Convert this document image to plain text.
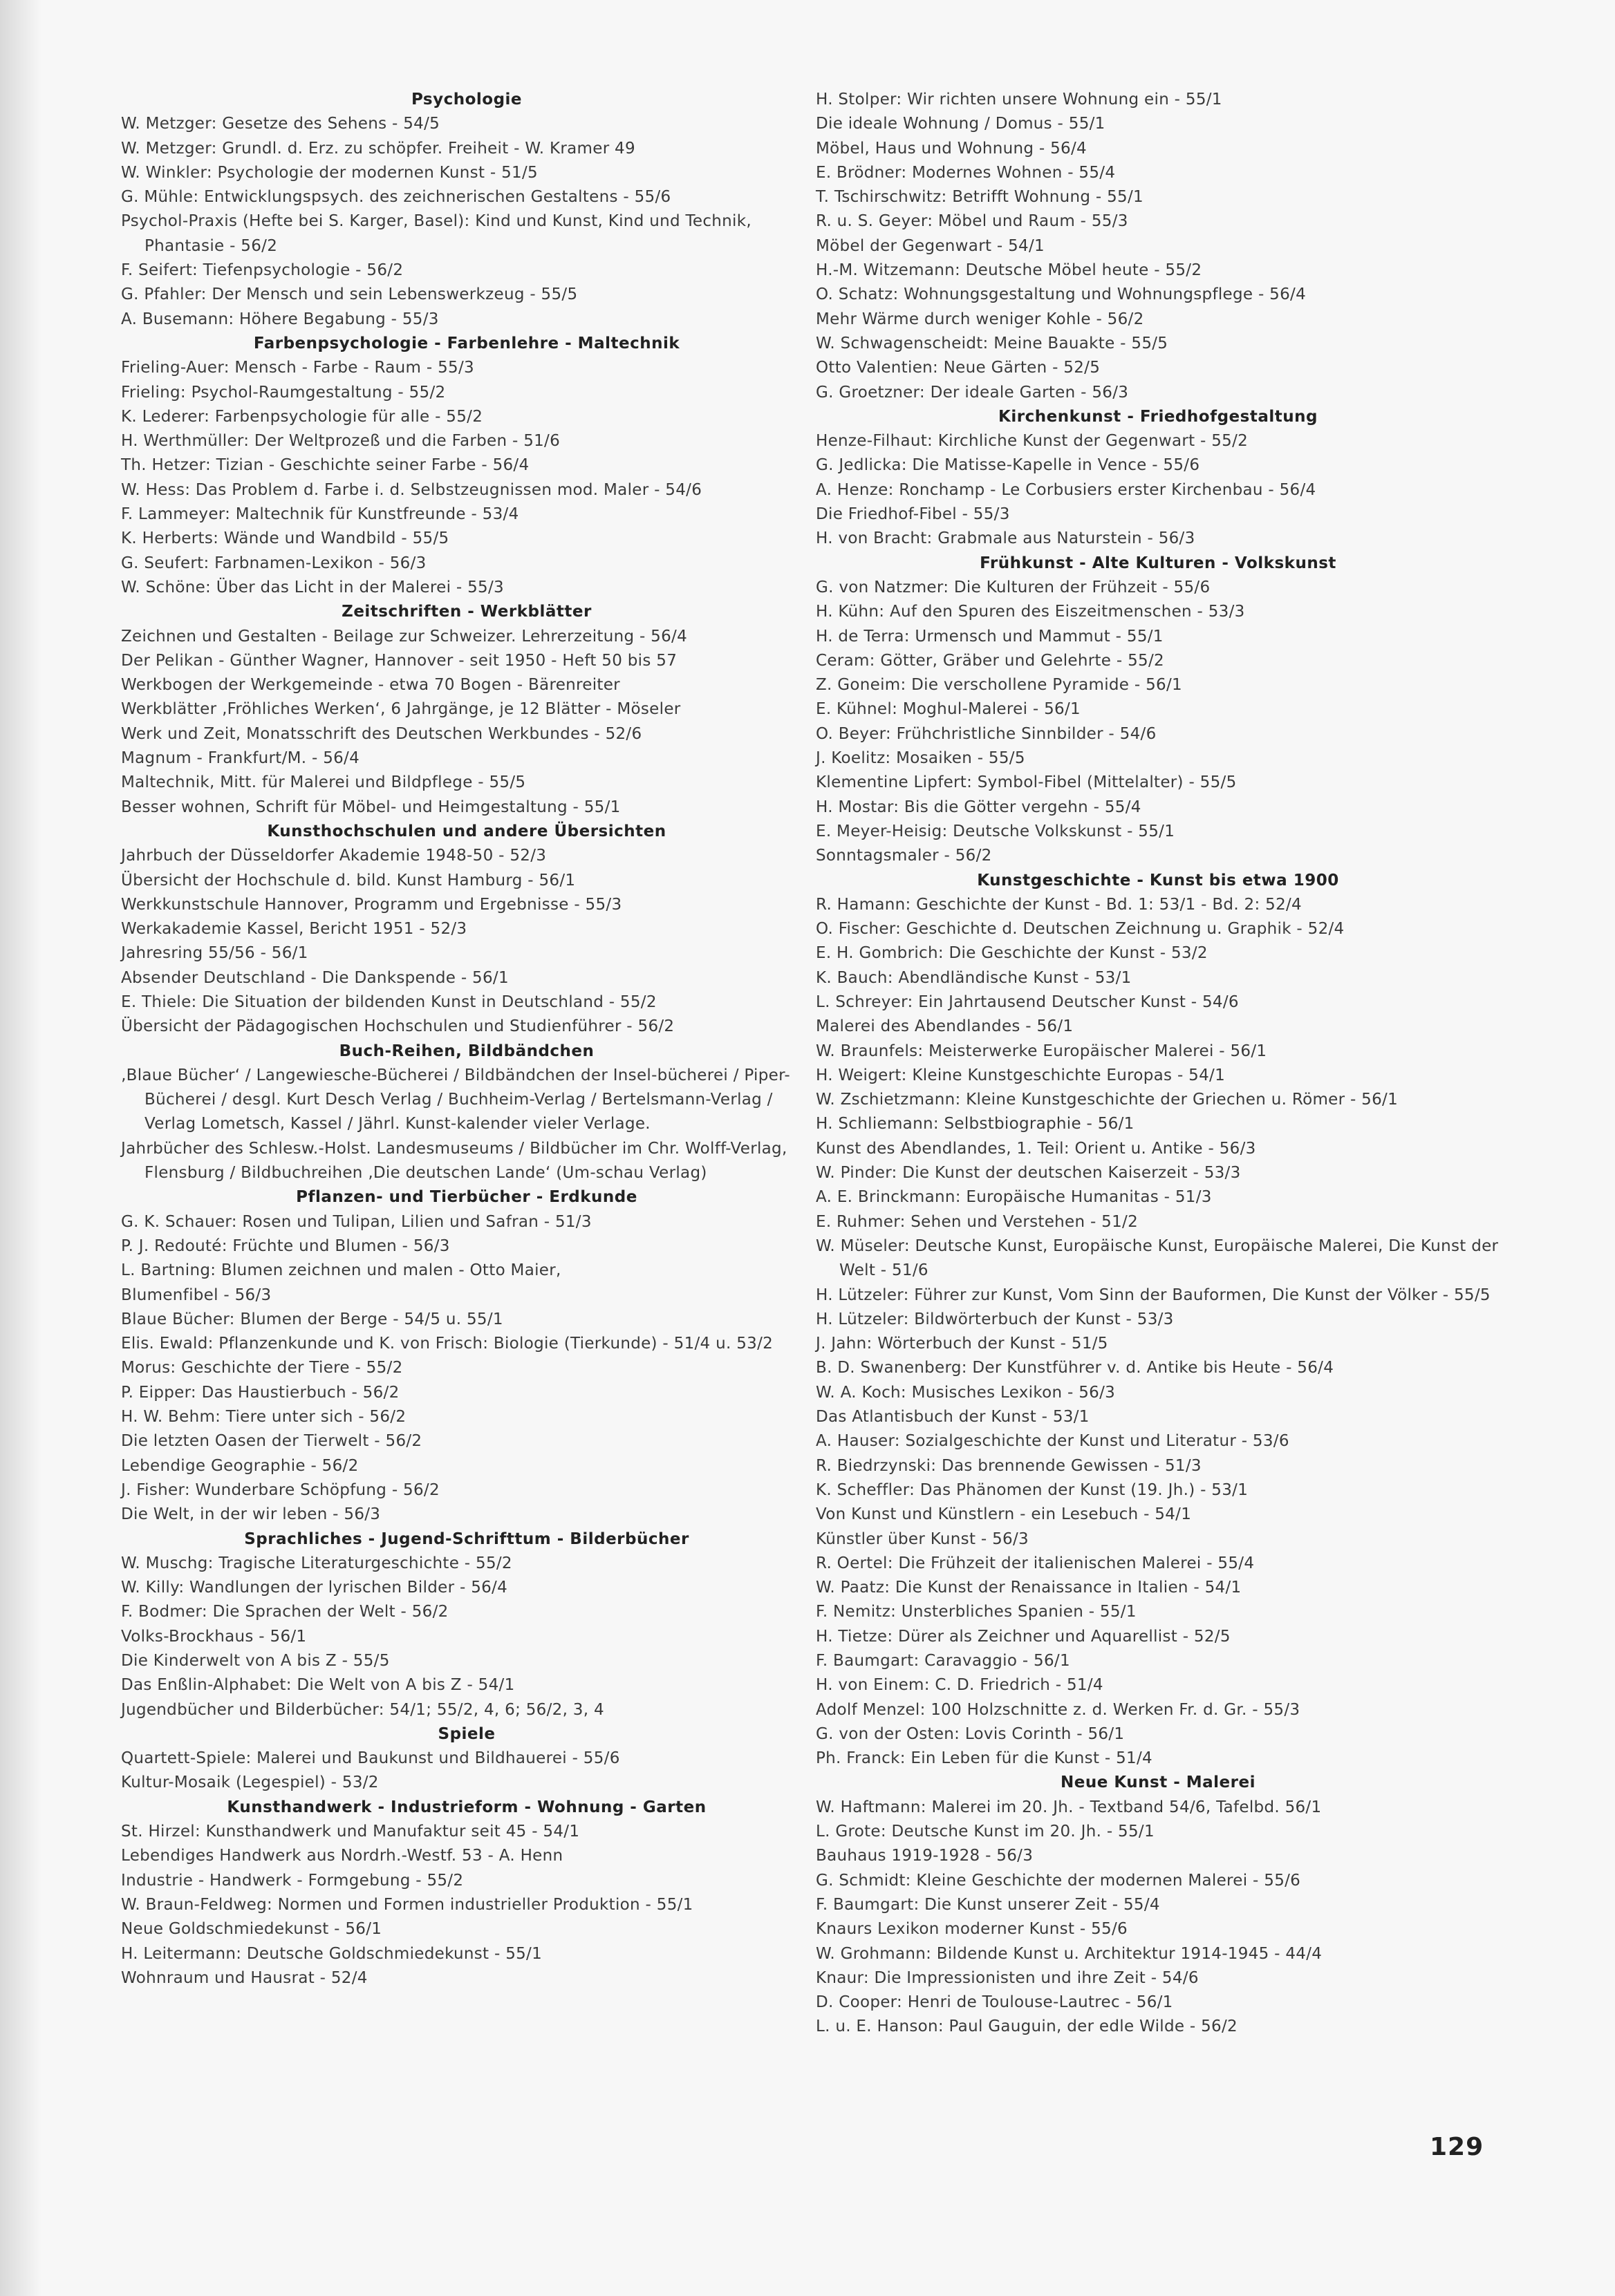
Psychologie
W. Metzger: Gesetze des Sehens - 54/5
W. Metzger: Grundl. d. Erz. zu schöpfer. Freiheit - W. Kramer 49
W. Winkler: Psychologie der modernen Kunst - 51/5
G. Mühle: Entwicklungspsych. des zeichnerischen Gestaltens - 55/6
Psychol-Praxis (Hefte bei S. Karger, Basel): Kind und Kunst, Kind und Technik, Phantasie - 56/2
F. Seifert: Tiefenpsychologie - 56/2
G. Pfahler: Der Mensch und sein Lebenswerkzeug - 55/5
A. Busemann: Höhere Begabung - 55/3
Farbenpsychologie - Farbenlehre - Maltechnik
Frieling-Auer: Mensch - Farbe - Raum - 55/3
Frieling: Psychol-Raumgestaltung - 55/2
K. Lederer: Farbenpsychologie für alle - 55/2
H. Werthmüller: Der Weltprozeß und die Farben - 51/6
Th. Hetzer: Tizian - Geschichte seiner Farbe - 56/4
W. Hess: Das Problem d. Farbe i. d. Selbstzeugnissen mod. Maler - 54/6
F. Lammeyer: Maltechnik für Kunstfreunde - 53/4
K. Herberts: Wände und Wandbild - 55/5
G. Seufert: Farbnamen-Lexikon - 56/3
W. Schöne: Über das Licht in der Malerei - 55/3
Zeitschriften - Werkblätter
Zeichnen und Gestalten - Beilage zur Schweizer. Lehrerzeitung - 56/4
Der Pelikan - Günther Wagner, Hannover - seit 1950 - Heft 50 bis 57
Werkbogen der Werkgemeinde - etwa 70 Bogen - Bärenreiter
Werkblätter ‚Fröhliches Werken‘, 6 Jahrgänge, je 12 Blätter - Möseler
Werk und Zeit, Monatsschrift des Deutschen Werkbundes - 52/6
Magnum - Frankfurt/M. - 56/4
Maltechnik, Mitt. für Malerei und Bildpflege - 55/5
Besser wohnen, Schrift für Möbel- und Heimgestaltung - 55/1
Kunsthochschulen und andere Übersichten
Jahrbuch der Düsseldorfer Akademie 1948-50 - 52/3
Übersicht der Hochschule d. bild. Kunst Hamburg - 56/1
Werkkunstschule Hannover, Programm und Ergebnisse - 55/3
Werkakademie Kassel, Bericht 1951 - 52/3
Jahresring 55/56 - 56/1
Absender Deutschland - Die Dankspende - 56/1
E. Thiele: Die Situation der bildenden Kunst in Deutschland - 55/2
Übersicht der Pädagogischen Hochschulen und Studienführer - 56/2
Buch-Reihen, Bildbändchen
‚Blaue Bücher‘ / Langewiesche-Bücherei / Bildbändchen der Insel-bücherei / Piper-Bücherei / desgl. Kurt Desch Verlag / Buchheim-Verlag / Bertelsmann-Verlag / Verlag Lometsch, Kassel / Jährl. Kunst-kalender vieler Verlage.
Jahrbücher des Schlesw.-Holst. Landesmuseums / Bildbücher im Chr. Wolff-Verlag, Flensburg / Bildbuchreihen ‚Die deutschen Lande‘ (Um-schau Verlag)
Pflanzen- und Tierbücher - Erdkunde
G. K. Schauer: Rosen und Tulipan, Lilien und Safran - 51/3
P. J. Redouté: Früchte und Blumen - 56/3
L. Bartning: Blumen zeichnen und malen - Otto Maier,
Blumenfibel - 56/3
Blaue Bücher: Blumen der Berge - 54/5 u. 55/1
Elis. Ewald: Pflanzenkunde und K. von Frisch: Biologie (Tierkunde) - 51/4 u. 53/2
Morus: Geschichte der Tiere - 55/2
P. Eipper: Das Haustierbuch - 56/2
H. W. Behm: Tiere unter sich - 56/2
Die letzten Oasen der Tierwelt - 56/2
Lebendige Geographie - 56/2
J. Fisher: Wunderbare Schöpfung - 56/2
Die Welt, in der wir leben - 56/3
Sprachliches - Jugend-Schrifttum - Bilderbücher
W. Muschg: Tragische Literaturgeschichte - 55/2
W. Killy: Wandlungen der lyrischen Bilder - 56/4
F. Bodmer: Die Sprachen der Welt - 56/2
Volks-Brockhaus - 56/1
Die Kinderwelt von A bis Z - 55/5
Das Enßlin-Alphabet: Die Welt von A bis Z - 54/1
Jugendbücher und Bilderbücher: 54/1; 55/2, 4, 6; 56/2, 3, 4
Spiele
Quartett-Spiele: Malerei und Baukunst und Bildhauerei - 55/6
Kultur-Mosaik (Legespiel) - 53/2
Kunsthandwerk - Industrieform - Wohnung - Garten
St. Hirzel: Kunsthandwerk und Manufaktur seit 45 - 54/1
Lebendiges Handwerk aus Nordrh.-Westf. 53 - A. Henn
Industrie - Handwerk - Formgebung - 55/2
W. Braun-Feldweg: Normen und Formen industrieller Produktion - 55/1
Neue Goldschmiedekunst - 56/1
H. Leitermann: Deutsche Goldschmiedekunst - 55/1
Wohnraum und Hausrat - 52/4
H. Stolper: Wir richten unsere Wohnung ein - 55/1
Die ideale Wohnung / Domus - 55/1
Möbel, Haus und Wohnung - 56/4
E. Brödner: Modernes Wohnen - 55/4
T. Tschirschwitz: Betrifft Wohnung - 55/1
R. u. S. Geyer: Möbel und Raum - 55/3
Möbel der Gegenwart - 54/1
H.-M. Witzemann: Deutsche Möbel heute - 55/2
O. Schatz: Wohnungsgestaltung und Wohnungspflege - 56/4
Mehr Wärme durch weniger Kohle - 56/2
W. Schwagenscheidt: Meine Bauakte - 55/5
Otto Valentien: Neue Gärten - 52/5
G. Groetzner: Der ideale Garten - 56/3
Kirchenkunst - Friedhofgestaltung
Henze-Filhaut: Kirchliche Kunst der Gegenwart - 55/2
G. Jedlicka: Die Matisse-Kapelle in Vence - 55/6
A. Henze: Ronchamp - Le Corbusiers erster Kirchenbau - 56/4
Die Friedhof-Fibel - 55/3
H. von Bracht: Grabmale aus Naturstein - 56/3
Frühkunst - Alte Kulturen - Volkskunst
G. von Natzmer: Die Kulturen der Frühzeit - 55/6
H. Kühn: Auf den Spuren des Eiszeitmenschen - 53/3
H. de Terra: Urmensch und Mammut - 55/1
Ceram: Götter, Gräber und Gelehrte - 55/2
Z. Goneim: Die verschollene Pyramide - 56/1
E. Kühnel: Moghul-Malerei - 56/1
O. Beyer: Frühchristliche Sinnbilder - 54/6
J. Koelitz: Mosaiken - 55/5
Klementine Lipfert: Symbol-Fibel (Mittelalter) - 55/5
H. Mostar: Bis die Götter vergehn - 55/4
E. Meyer-Heisig: Deutsche Volkskunst - 55/1
Sonntagsmaler - 56/2
Kunstgeschichte - Kunst bis etwa 1900
R. Hamann: Geschichte der Kunst - Bd. 1: 53/1 - Bd. 2: 52/4
O. Fischer: Geschichte d. Deutschen Zeichnung u. Graphik - 52/4
E. H. Gombrich: Die Geschichte der Kunst - 53/2
K. Bauch: Abendländische Kunst - 53/1
L. Schreyer: Ein Jahrtausend Deutscher Kunst - 54/6
Malerei des Abendlandes - 56/1
W. Braunfels: Meisterwerke Europäischer Malerei - 56/1
H. Weigert: Kleine Kunstgeschichte Europas - 54/1
W. Zschietzmann: Kleine Kunstgeschichte der Griechen u. Römer - 56/1
H. Schliemann: Selbstbiographie - 56/1
Kunst des Abendlandes, 1. Teil: Orient u. Antike - 56/3
W. Pinder: Die Kunst der deutschen Kaiserzeit - 53/3
A. E. Brinckmann: Europäische Humanitas - 51/3
E. Ruhmer: Sehen und Verstehen - 51/2
W. Müseler: Deutsche Kunst, Europäische Kunst, Europäische Malerei, Die Kunst der Welt - 51/6
H. Lützeler: Führer zur Kunst, Vom Sinn der Bauformen, Die Kunst der Völker - 55/5
H. Lützeler: Bildwörterbuch der Kunst - 53/3
J. Jahn: Wörterbuch der Kunst - 51/5
B. D. Swanenberg: Der Kunstführer v. d. Antike bis Heute - 56/4
W. A. Koch: Musisches Lexikon - 56/3
Das Atlantisbuch der Kunst - 53/1
A. Hauser: Sozialgeschichte der Kunst und Literatur - 53/6
R. Biedrzynski: Das brennende Gewissen - 51/3
K. Scheffler: Das Phänomen der Kunst (19. Jh.) - 53/1
Von Kunst und Künstlern - ein Lesebuch - 54/1
Künstler über Kunst - 56/3
R. Oertel: Die Frühzeit der italienischen Malerei - 55/4
W. Paatz: Die Kunst der Renaissance in Italien - 54/1
F. Nemitz: Unsterbliches Spanien - 55/1
H. Tietze: Dürer als Zeichner und Aquarellist - 52/5
F. Baumgart: Caravaggio - 56/1
H. von Einem: C. D. Friedrich - 51/4
Adolf Menzel: 100 Holzschnitte z. d. Werken Fr. d. Gr. - 55/3
G. von der Osten: Lovis Corinth - 56/1
Ph. Franck: Ein Leben für die Kunst - 51/4
Neue Kunst - Malerei
W. Haftmann: Malerei im 20. Jh. - Textband 54/6, Tafelbd. 56/1
L. Grote: Deutsche Kunst im 20. Jh. - 55/1
Bauhaus 1919-1928 - 56/3
G. Schmidt: Kleine Geschichte der modernen Malerei - 55/6
F. Baumgart: Die Kunst unserer Zeit - 55/4
Knaurs Lexikon moderner Kunst - 55/6
W. Grohmann: Bildende Kunst u. Architektur 1914-1945 - 44/4
Knaur: Die Impressionisten und ihre Zeit - 54/6
D. Cooper: Henri de Toulouse-Lautrec - 56/1
L. u. E. Hanson: Paul Gauguin, der edle Wilde - 56/2
129
